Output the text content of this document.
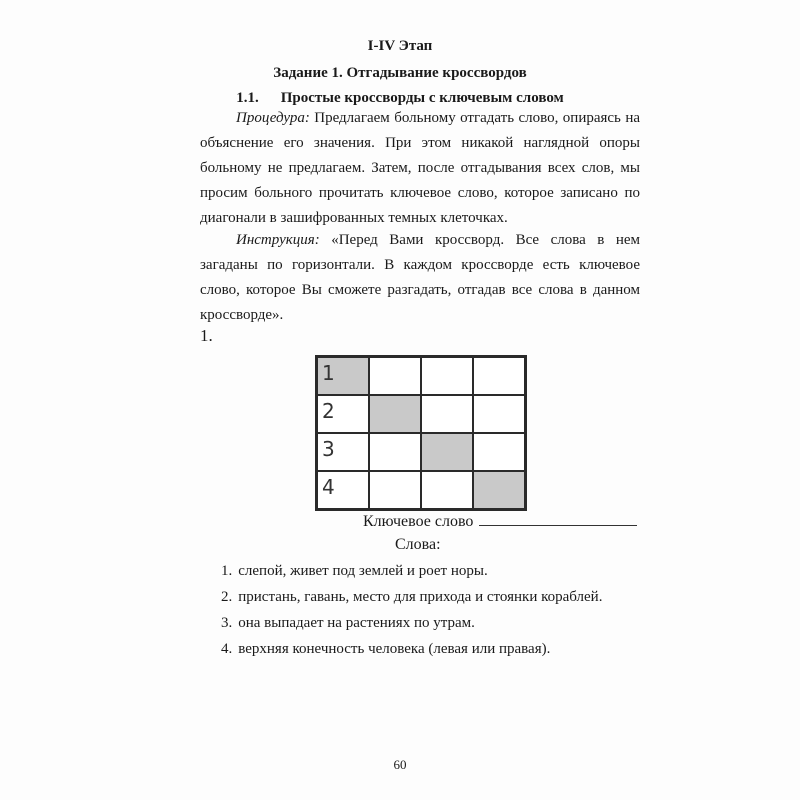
I-IV Этап
Задание 1. Отгадывание кроссвордов
1.1. Простые кроссворды с ключевым словом
Процедура: Предлагаем больному отгадать слово, опираясь на объяснение его значения. При этом никакой наглядной опоры больному не предлагаем. Затем, после отгадывания всех слов, мы просим больного прочитать ключевое слово, которое записано по диагонали в зашифрованных темных клеточках.
Инструкция: «Перед Вами кроссворд. Все слова в нем загаданы по горизонтали. В каждом кроссворде есть ключевое слово, которое Вы сможете разгадать, отгадав все слова в данном кроссворде».
1.
1
2
3
4
Ключевое слово
Слова:
1. слепой, живет под землей и роет норы.
2. пристань, гавань, место для прихода и стоянки кораблей.
3. она выпадает на растениях по утрам.
4. верхняя конечность человека (левая или правая).
60
